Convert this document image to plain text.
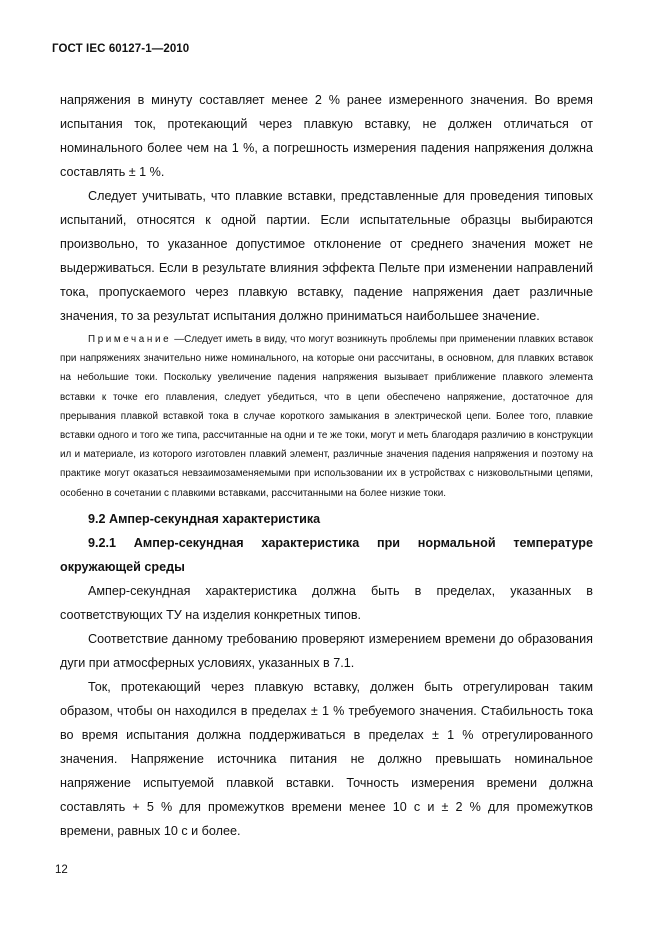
ГОСТ IEC 60127-1—2010

напряжения в минуту составляет менее 2 % ранее измеренного значения. Во время испытания ток, протекающий через плавкую вставку, не должен отличаться от номинального более чем на 1 %, а погрешность измерения падения напряжения должна составлять ± 1 %.

Следует учитывать, что плавкие вставки, представленные для проведения типовых испытаний, относятся к одной партии. Если испытательные образцы выбираются произвольно, то указанное допустимое отклонение от среднего значения может не выдерживаться. Если в результате влияния эффекта Пельте при изменении направлений тока, пропускаемого через плавкую вставку, падение напряжения дает различные значения, то за результат испытания должно приниматься наибольшее значение.

Примечание —Следует иметь в виду, что могут возникнуть проблемы при применении плавких вставок при напряжениях значительно ниже номинального, на которые они рассчитаны, в основном, для плавких вставок на небольшие токи. Поскольку увеличение падения напряжения вызывает приближение плавкого элемента вставки к точке его плавления, следует убедиться, что в цепи обеспечено напряжение, достаточное для прерывания плавкой вставкой тока в случае короткого замыкания в электрической цепи. Более того, плавкие вставки одного и того же типа, рассчитанные на одни и те же токи, могут и меть благодаря различию в конструкции ил и материале, из которого изготовлен плавкий элемент, различные значения падения напряжения и поэтому на практике могут оказаться невзаимозаменяемыми при использовании их в устройствах с низковольтными цепями, особенно в сочетании с плавкими вставками, рассчитанными на более низкие токи.

9.2 Ампер-секундная характеристика

9.2.1 Ампер-секундная характеристика при нормальной температуре окружающей среды

Ампер-секундная характеристика должна быть в пределах, указанных в соответствующих ТУ на изделия конкретных типов.

Соответствие данному требованию проверяют измерением времени до образования дуги при атмосферных условиях, указанных в 7.1.

Ток, протекающий через плавкую вставку, должен быть отрегулирован таким образом, чтобы он находился в пределах ± 1 % требуемого значения. Стабильность тока во время испытания должна поддерживаться в пределах ± 1 % отрегулированного значения. Напряжение источника питания не должно превышать номинальное напряжение испытуемой плавкой вставки. Точность измерения времени должна составлять + 5 % для промежутков времени менее 10 с и ± 2 % для промежутков времени, равных 10 с и более.

12
